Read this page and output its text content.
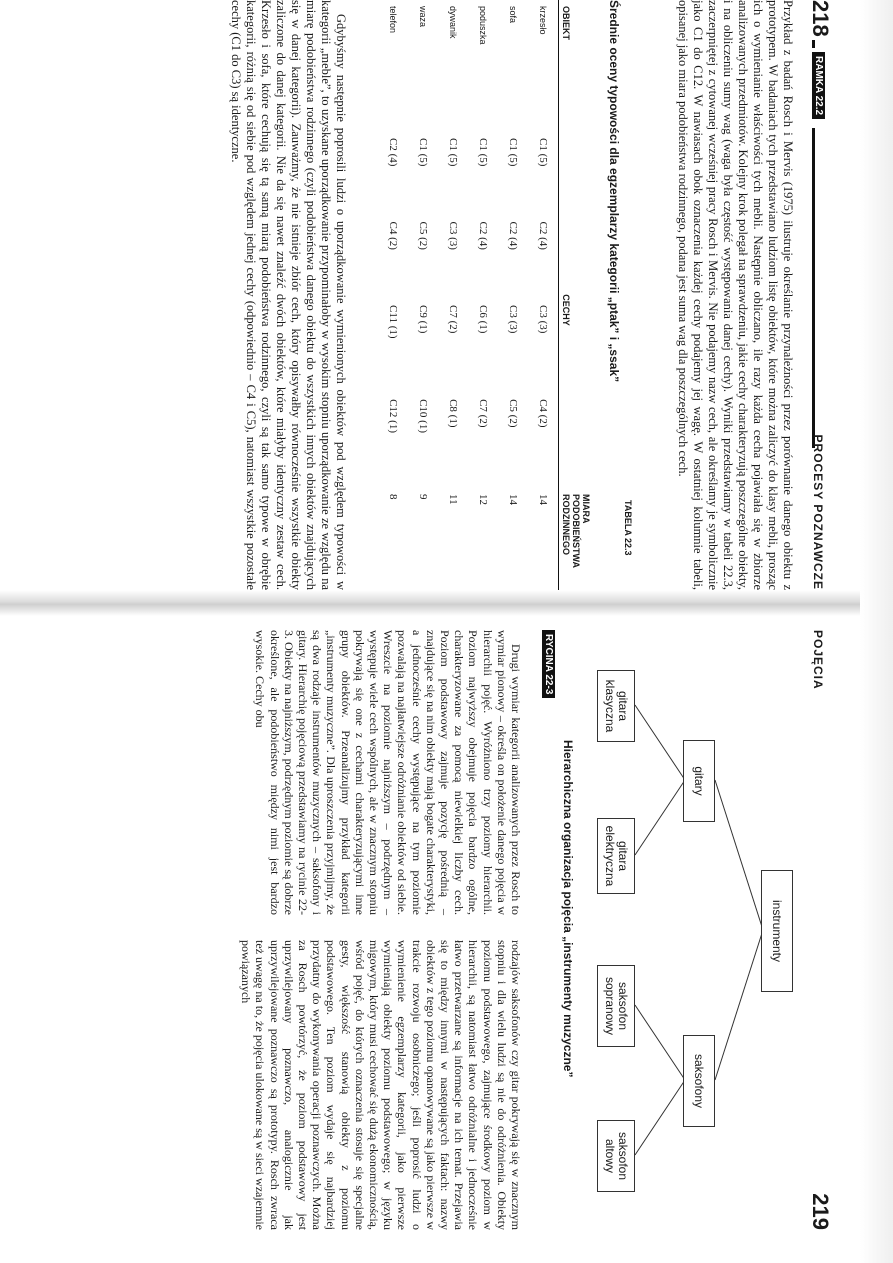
218
RAMKA 22.2
PROCESY POZNAWCZE

Przykład z badań Rosch i Mervis (1975) ilustruje określanie przynależności przez porównanie danego obiektu z prototypem. W badaniach tych przedstawiano ludziom listę obiektów, które można zaliczyć do klasy mebli, prosząc ich o wymienianie właściwości tych mebli. Następnie obliczano, ile razy każda cecha pojawiała się w zbiorze analizowanych przedmiotów. Kolejny krok polegał na sprawdzeniu, jakie cechy charakteryzują poszczególne obiekty, i na obliczeniu sumy wag (waga była częstość występowania danej cechy). Wyniki przedstawiamy w tabeli 22.3, zaczerpniętej z cytowanej wcześniej pracy Rosch i Mervis. Nie podajemy nazw cech, ale określamy je symbolicznie jako C1 do C12. W nawiasach obok oznaczenia każdej cechy podajemy jej wagę. W ostatniej kolumnie tabeli, opisanej jako miara podobieństwa rodzinnego, podana jest suma wag dla poszczególnych cech.

TABELA 22.3
Średnie oceny typowości dla egzemplarzy kategorii „ptak” i „ssak”
OBIEKT	CECHY				MIARA PODOBIEŃSTWA RODZINNEGO
krzesło	C1 (5)	C2 (4)	C3 (3)	C4 (2)	14
sofa	C1 (5)	C2 (4)	C3 (3)	C5 (2)	14
poduszka	C1 (5)	C2 (4)	C6 (1)	C7 (2)	12
dywanik	C1 (5)	C3 (3)	C7 (2)	C8 (1)	11
waza	C1 (5)	C5 (2)	C9 (1)	C10 (1)	9
telefon	C2 (4)	C4 (2)	C11 (1)	C12 (1)	8

Gdybyśmy następnie poprosili ludzi o uporządkowanie wymienionych obiektów pod względem typowości w kategorii „meble”, to uzyskane uporządkowanie przypominałoby w wysokim stopniu uporządkowanie ze względu na miarę podobieństwa rodzinnego (czyli podobieństwa danego obiektu do wszystkich innych obiektów znajdujących się w danej kategorii). Zauważmy, że nie istnieje zbiór cech, który opisywałby równocześnie wszystkie obiekty zaliczone do danej kategorii. Nie da się nawet znaleźć dwóch obiektów, które miałyby identyczny zestaw cech. Krzesło i sofa, które cechują się tą samą miarą podobieństwa rodzinnego, czyli są tak samo typowe w obrębie kategorii, różnią się od siebie pod względem jednej cechy (odpowiednio – C4 i C5), natomiast wszystkie pozostałe cechy (C1 do C3) są identyczne.

POJĘCIA
219
instrumenty
gitary
saksofony
gitara klasyczna
gitara elektryczna
saksofon sopranowy
saksofon altowy
Hierarchiczna organizacja pojęcia „instrumenty muzyczne”
RYCINA 22-3

Drugi wymiar kategorii analizowanych przez Rosch to wymiar pionowy – określa on położenie danego pojęcia w hierarchii pojęć. Wyróżniono trzy poziomy hierarchii. Poziom najwyższy obejmuje pojęcia bardzo ogólne, charakteryzowane za pomocą niewielkiej liczby cech. Poziom podstawowy zajmuje pozycję pośrednią – znajdujące się na nim obiekty mają bogate charakterystyki, a jednocześnie cechy występujące na tym poziomie pozwalają na najłatwiejsze odróżnianie obiektów od siebie. Wreszcie na poziomie najniższym – podrzędnym – występuje wiele cech wspólnych, ale w znacznym stopniu pokrywają się one z cechami charakteryzującymi inne grupy obiektów. Przeanalizujmy przykład kategorii „instrumenty muzyczne”. Dla uproszczenia przyjmijmy, że są dwa rodzaje instrumentów muzycznych – saksofony i gitary. Hierarchię pojęciową przedstawiamy na rycinie 22-3. Obiekty na najniższym, podrzędnym poziomie są dobrze określone, ale podobieństwo między nimi jest bardzo wysokie. Cechy obu

rodzajów saksofonów czy gitar pokrywają się w znacznym stopniu i dla wielu ludzi są nie do odróżnienia. Obiekty poziomu podstawowego, zajmujące środkowy poziom w hierarchii, są natomiast łatwo odróżnialne i jednocześnie łatwo przetwarzane są informacje na ich temat. Przejawia się to między innymi w następujących faktach: nazwy obiektów z tego poziomu opanowywane są jako pierwsze w trakcie rozwoju osobniczego; jeśli poprosić ludzi o wymienienie egzemplarzy kategorii, jako pierwsze wymieniają obiekty poziomu podstawowego; w języku migowym, który musi cechować się dużą ekonomicznością, wśród pojęć, do których oznaczenia stosuje się specjalne gesty, większość stanowią obiekty z poziomu podstawowego. Ten poziom wydaje się najbardziej przydatny do wykonywania operacji poznawczych. Można za Rosch powtórzyć, że poziom podstawowy jest uprzywilejowany poznawczo, analogicznie jak uprzywilejowane poznawczo są prototypy. Rosch zwraca też uwagę na to, że pojęcia ulokowane są w sieci wzajemnie powiązanych
